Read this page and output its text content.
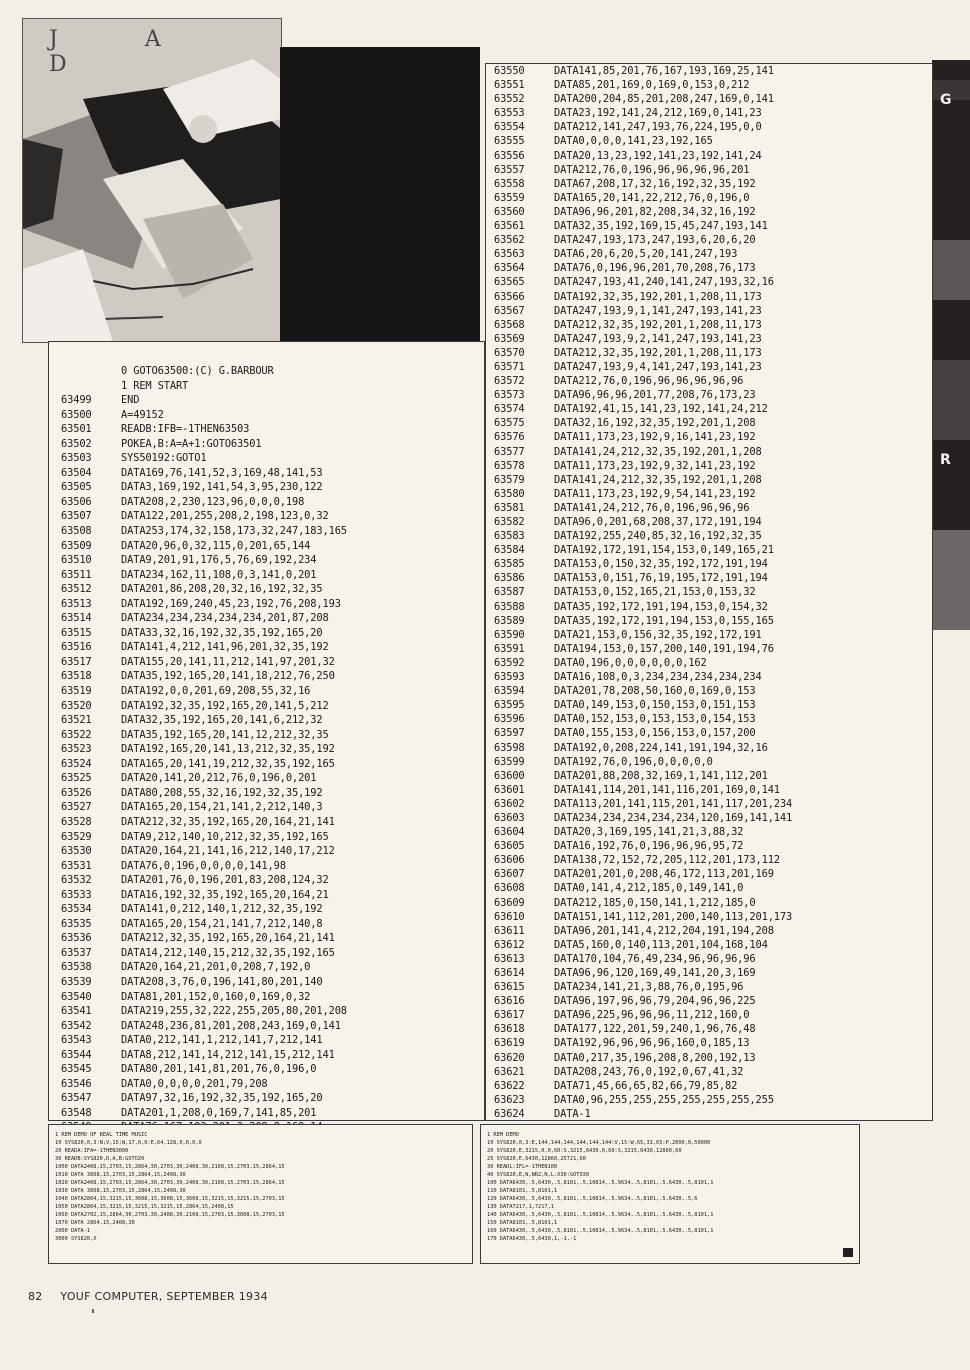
J A D
G
R
0 GOTO63500:(C) G.BARBOUR
1 REM START
63499	END
63500	A=49152
63501	READB:IFB=-1THEN63503
63502	POKEA,B:A=A+1:GOTO63501
63503	SYS50192:GOTO1
63504	DATA169,76,141,52,3,169,48,141,53
63505	DATA3,169,192,141,54,3,95,230,122
63506	DATA208,2,230,123,96,0,0,0,198
63507	DATA122,201,255,208,2,198,123,0,32
63508	DATA253,174,32,158,173,32,247,183,165
63509	DATA20,96,0,32,115,0,201,65,144
63510	DATA9,201,91,176,5,76,69,192,234
63511	DATA234,162,11,108,0,3,141,0,201
63512	DATA201,86,208,20,32,16,192,32,35
63513	DATA192,169,240,45,23,192,76,208,193
63514	DATA234,234,234,234,234,201,87,208
63515	DATA33,32,16,192,32,35,192,165,20
63516	DATA141,4,212,141,96,201,32,35,192
63517	DATA155,20,141,11,212,141,97,201,32
63518	DATA35,192,165,20,141,18,212,76,250
63519	DATA192,0,0,201,69,208,55,32,16
63520	DATA192,32,35,192,165,20,141,5,212
63521	DATA32,35,192,165,20,141,6,212,32
63522	DATA35,192,165,20,141,12,212,32,35
63523	DATA192,165,20,141,13,212,32,35,192
63524	DATA165,20,141,19,212,32,35,192,165
63525	DATA20,141,20,212,76,0,196,0,201
63526	DATA80,208,55,32,16,192,32,35,192
63527	DATA165,20,154,21,141,2,212,140,3
63528	DATA212,32,35,192,165,20,164,21,141
63529	DATA9,212,140,10,212,32,35,192,165
63530	DATA20,164,21,141,16,212,140,17,212
63531	DATA76,0,196,0,0,0,0,141,98
63532	DATA201,76,0,196,201,83,208,124,32
63533	DATA16,192,32,35,192,165,20,164,21
63534	DATA141,0,212,140,1,212,32,35,192
63535	DATA165,20,154,21,141,7,212,140,8
63536	DATA212,32,35,192,165,20,164,21,141
63537	DATA14,212,140,15,212,32,35,192,165
63538	DATA20,164,21,201,0,208,7,192,0
63539	DATA208,3,76,0,196,141,80,201,140
63540	DATA81,201,152,0,160,0,169,0,32
63541	DATA219,255,32,222,255,205,80,201,208
63542	DATA248,236,81,201,208,243,169,0,141
63543	DATA0,212,141,1,212,141,7,212,141
63544	DATA8,212,141,14,212,141,15,212,141
63545	DATA80,201,141,81,201,76,0,196,0
63546	DATA0,0,0,0,0,201,79,208
63547	DATA97,32,16,192,32,35,192,165,20
63548	DATA201,1,208,0,169,7,141,85,201
63550	DATA141,85,201,76,167,193,169,25,141
63551	DATA85,201,169,0,169,0,153,0,212
63552	DATA200,204,85,201,208,247,169,0,141
63553	DATA23,192,141,24,212,169,0,141,23
63554	DATA212,141,247,193,76,224,195,0,0
63555	DATA0,0,0,0,141,23,192,165
63556	DATA20,13,23,192,141,23,192,141,24
63557	DATA212,76,0,196,96,96,96,96,201
63558	DATA67,208,17,32,16,192,32,35,192
63559	DATA165,20,141,22,212,76,0,196,0
63560	DATA96,96,201,82,208,34,32,16,192
63561	DATA32,35,192,169,15,45,247,193,141
63562	DATA247,193,173,247,193,6,20,6,20
63563	DATA6,20,6,20,5,20,141,247,193
63564	DATA76,0,196,96,201,70,208,76,173
63565	DATA247,193,41,240,141,247,193,32,16
63566	DATA192,32,35,192,201,1,208,11,173
63567	DATA247,193,9,1,141,247,193,141,23
63568	DATA212,32,35,192,201,1,208,11,173
63569	DATA247,193,9,2,141,247,193,141,23
63570	DATA212,32,35,192,201,1,208,11,173
63571	DATA247,193,9,4,141,247,193,141,23
63572	DATA212,76,0,196,96,96,96,96,96
63573	DATA96,96,96,201,77,208,76,173,23
63574	DATA192,41,15,141,23,192,141,24,212
63575	DATA32,16,192,32,35,192,201,1,208
63576	DATA11,173,23,192,9,16,141,23,192
63577	DATA141,24,212,32,35,192,201,1,208
63578	DATA11,173,23,192,9,32,141,23,192
63579	DATA141,24,212,32,35,192,201,1,208
63580	DATA11,173,23,192,9,54,141,23,192
63581	DATA141,24,212,76,0,196,96,96,96
63582	DATA96,0,201,68,208,37,172,191,194
63583	DATA192,255,240,85,32,16,192,32,35
63584	DATA192,172,191,154,153,0,149,165,21
63585	DATA153,0,150,32,35,192,172,191,194
63586	DATA153,0,151,76,19,195,172,191,194
63587	DATA153,0,152,165,21,153,0,153,32
63588	DATA35,192,172,191,194,153,0,154,32
63589	DATA35,192,172,191,194,153,0,155,165
63590	DATA21,153,0,156,32,35,192,172,191
63591	DATA194,153,0,157,200,140,191,194,76
63592	DATA0,196,0,0,0,0,0,0,162
63593	DATA16,108,0,3,234,234,234,234,234
63594	DATA201,78,208,50,160,0,169,0,153
63595	DATA0,149,153,0,150,153,0,151,153
63596	DATA0,152,153,0,153,153,0,154,153
63597	DATA0,155,153,0,156,153,0,157,200
63598	DATA192,0,208,224,141,191,194,32,16
63599	DATA192,76,0,196,0,0,0,0,0
63600	DATA201,88,208,32,169,1,141,112,201
63601	DATA141,114,201,141,116,201,169,0,141
63602	DATA113,201,141,115,201,141,117,201,234
63603	DATA234,234,234,234,234,120,169,141,141
63604	DATA20,3,169,195,141,21,3,88,32
63605	DATA16,192,76,0,196,96,96,95,72
63606	DATA138,72,152,72,205,112,201,173,112
63607	DATA201,201,0,208,46,172,113,201,169
63608	DATA0,141,4,212,185,0,149,141,0
63609	DATA212,185,0,150,141,1,212,185,0
63610	DATA151,141,112,201,200,140,113,201,173
63611	DATA96,201,141,4,212,204,191,194,208
63612	DATA5,160,0,140,113,201,104,168,104
63613	DATA170,104,76,49,234,96,96,96,96
63614	DATA96,96,120,169,49,141,20,3,169
63615	DATA234,141,21,3,88,76,0,195,96
63616	DATA96,197,96,96,79,204,96,96,225
63617	DATA96,225,96,96,96,11,212,160,0
63618	DATA177,122,201,59,240,1,96,76,48
63619	DATA192,96,96,96,96,160,0,185,13
63620	DATA0,217,35,196,208,8,200,192,13
63621	DATA208,243,76,0,192,0,67,41,32
63622	DATA71,45,66,65,82,66,79,85,82
63623	DATA0,96,255,255,255,255,255,255,255
63624	DATA-1
1 REM DEMO OF REAL TIME MUSIC
10 SYS820,0,3:N;V,15:W,17,0,0:E,64,128,0,0,0,0
20 READA:IFA=-1THEN3000
30 READB:SYS820,D,A,B:GOTO20
1000 DATA2408,15,2703,15,2864,30,2703,30,2408,30,2108,15,2703,15,2864,15
1010 DATA 3608,15,2703,15,2864,15,2408,30
1020 DATA2408,15,2703,15,2864,30,2703,30,2408,30,2108,15,2703,15,2864,15
1030 DATA 3608,15,2703,15,2864,15,2408,30
1040 DATA2864,15,3215,15,3608,15,3608,15,3608,15,3215,15,3215,15,2703,15
1050 DATA2864,15,3215,15,3215,15,3215,15,2864,15,2408,15
1060 DATA2702,15,2864,30,2703,30,2408,30,2108,15,2703,15,3608,15,2703,15
1070 DATA 2864,15,2408,30
2000 DATA-1
3000 SYS820,X
1 REM DEMO
10 SYS820,0,3:E,144,144,144,144,144,144:V,15:W,65,33,65:P,2000,0,50000
20 SYS820,E,3215,0,0,60:S,3215,6430,0,60:S,3215,6430,12860,60
25 SYS820,E,6430,12860,25721,60
30 READL:IFL=-1THEN100
40 SYS820,E,N,NR2,N,L:X30:GOTO30
100 DATA6430,.5,6430,.5,8101,.5,10814,.5,9634,.5,8101,.5,6430,.5,8101,1
110 DATA8101,.5,8101,1
120 DATA6430,.5,6430,.5,8101,.5,10814,.5,9634,.5,8101,.5,6430,.5,6
130 DATA7217,1,7217,1
140 DATA6430,.5,6430,.5,8101,.5,10814,.5,9634,.5,8101,.5,6430,.5,8101,1
150 DATA8101,.5,8101,1
160 DATA6430,.5,6430,.5,8101,.5,10814,.5,9634,.5,8101,.5,6430,.5,8101,1
170 DATA6430,.5,6430,1,-1,-1
82 YOUF COMPUTER, SEPTEMBER 1934
